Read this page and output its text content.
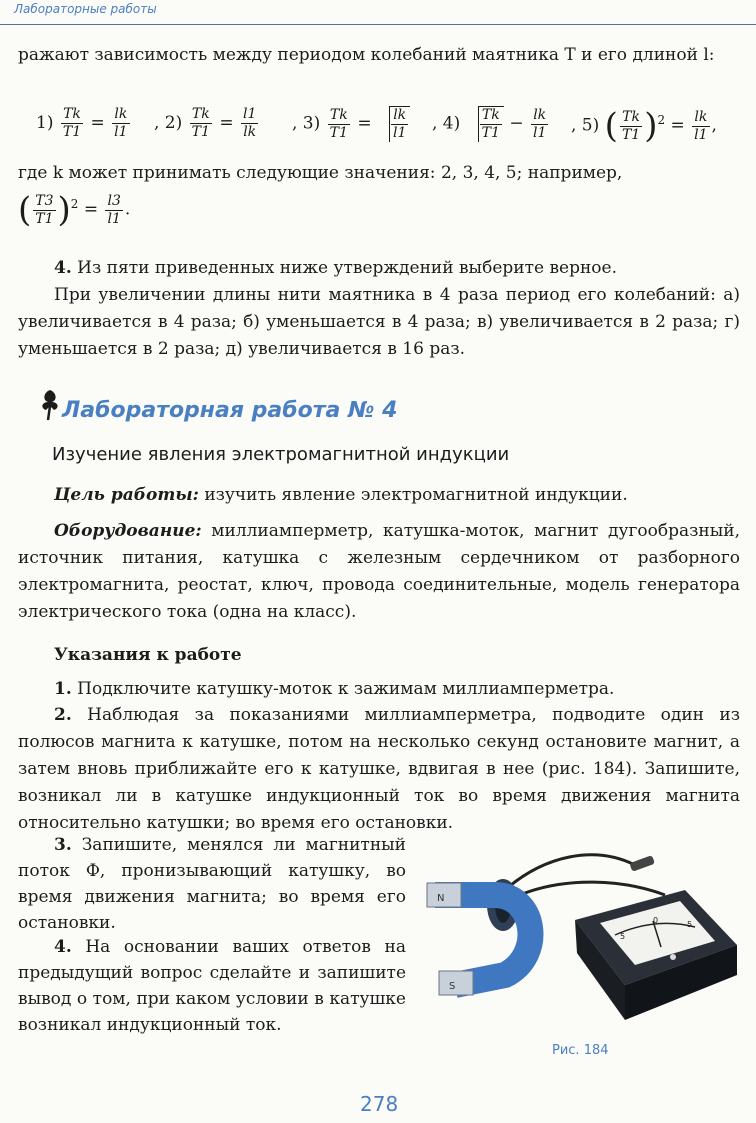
Лабораторные работы

ражают зависимость между периодом колебаний маятника T и его длиной l:

$1) \frac{Tk}{T1} = \frac{lk}{l1}$ , $2) \frac{Tk}{T1} = \frac{l1}{lk}$ , $3) \frac{Tk}{T1} = \frac{lk}{l1}$ , $4) \frac{Tk}{T1} - \frac{lk}{l1}$ , 5) ( $\frac{Tk}{T1} )^2 = \frac{lk}{l1}$ ,

где k может принимать следующие значения: 2, 3, 4, 5; например,

( $\frac{T3}{T1} )^2 = \frac{l3}{l1}$ .

4. Из пяти приведенных ниже утверждений выберите верное.

При увеличении длины нити маятника в 4 раза период его колебаний: а) увеличивается в 4 раза; б) уменьшается в 4 раза; в) увеличивается в 2 раза; г) уменьшается в 2 раза; д) увеличивается в 16 раз.

Лабораторная работа № 4
Изучение явления электромагнитной индукции

Цель работы: изучить явление электромагнитной индукции.

Оборудование: миллиамперметр, катушка-моток, магнит дугообразный, источник питания, катушка с железным сердечником от разборного электромагнита, реостат, ключ, провода соединительные, модель генератора электрического тока (одна на класс).

Указания к работе

1. Подключите катушку-моток к зажимам миллиамперметра.

2. Наблюдая за показаниями миллиамперметра, подводите один из полюсов магнита к катушке, потом на несколько секунд остановите магнит, а затем вновь приближайте его к катушке, вдвигая в нее (рис. 184). Запишите, возникал ли в катушке индукционный ток во время движения магнита относительно катушки; во время его остановки.

3. Запишите, менялся ли магнитный поток Ф, пронизывающий катушку, во время движения магнита; во время его остановки.

4. На основании ваших ответов на предыдущий вопрос сделайте и запишите вывод о том, при каком условии в катушке возникал индукционный ток.

N
S
5
0	5
Рис. 184
278
